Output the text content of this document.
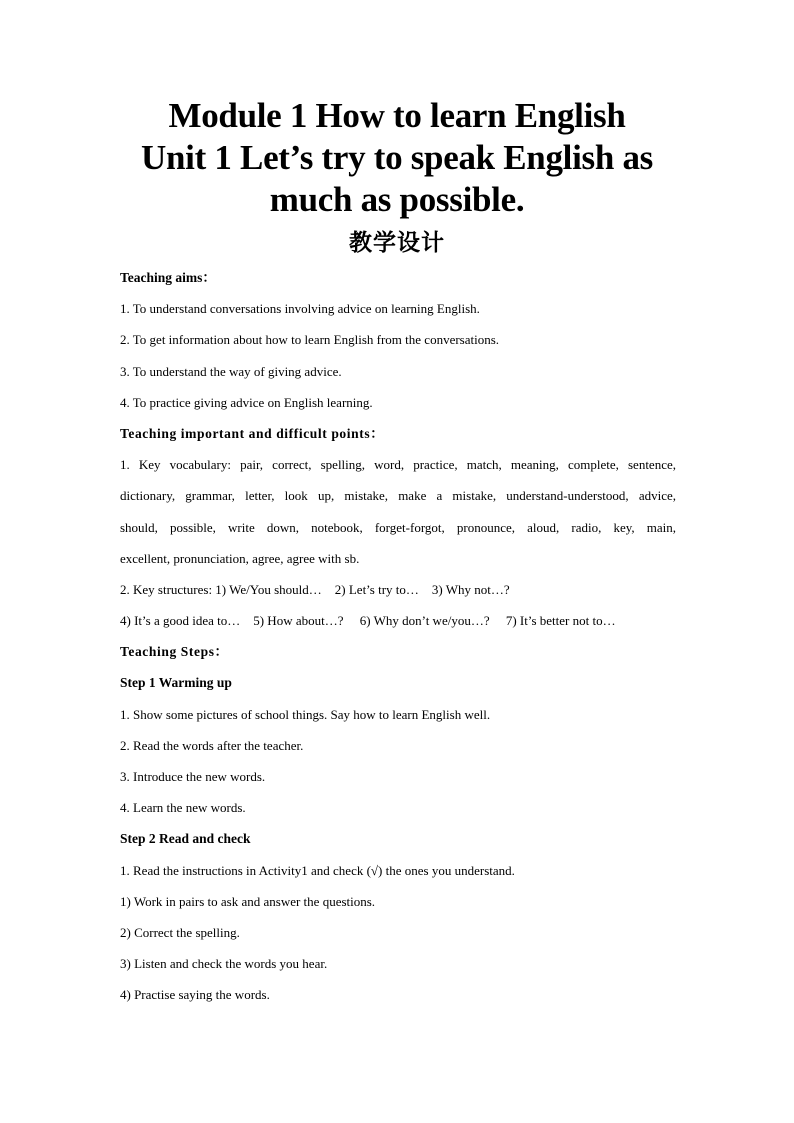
Module 1 How to learn English
Unit 1 Let’s try to speak English as
much as possible.
教学设计
Teaching aims：
1. To understand conversations involving advice on learning English.
2. To get information about how to learn English from the conversations.
3. To understand the way of giving advice.
4. To practice giving advice on English learning.
Teaching important and difficult points：
1. Key vocabulary: pair, correct, spelling, word, practice, match, meaning, complete, sentence,
dictionary, grammar, letter, look up, mistake, make a mistake, understand-understood, advice,
should, possible, write down, notebook, forget-forgot, pronounce, aloud, radio, key, main,
excellent, pronunciation, agree, agree with sb.
2. Key structures: 1) We/You should…    2) Let’s try to…    3) Why not…?
4) It’s a good idea to…    5) How about…?     6) Why don’t we/you…?     7) It’s better not to…
Teaching Steps：
Step 1 Warming up
1. Show some pictures of school things. Say how to learn English well.
2. Read the words after the teacher.
3. Introduce the new words.
4. Learn the new words.
Step 2 Read and check
1. Read the instructions in Activity1 and check (√) the ones you understand.
1) Work in pairs to ask and answer the questions.
2) Correct the spelling.
3) Listen and check the words you hear.
4) Practise saying the words.
